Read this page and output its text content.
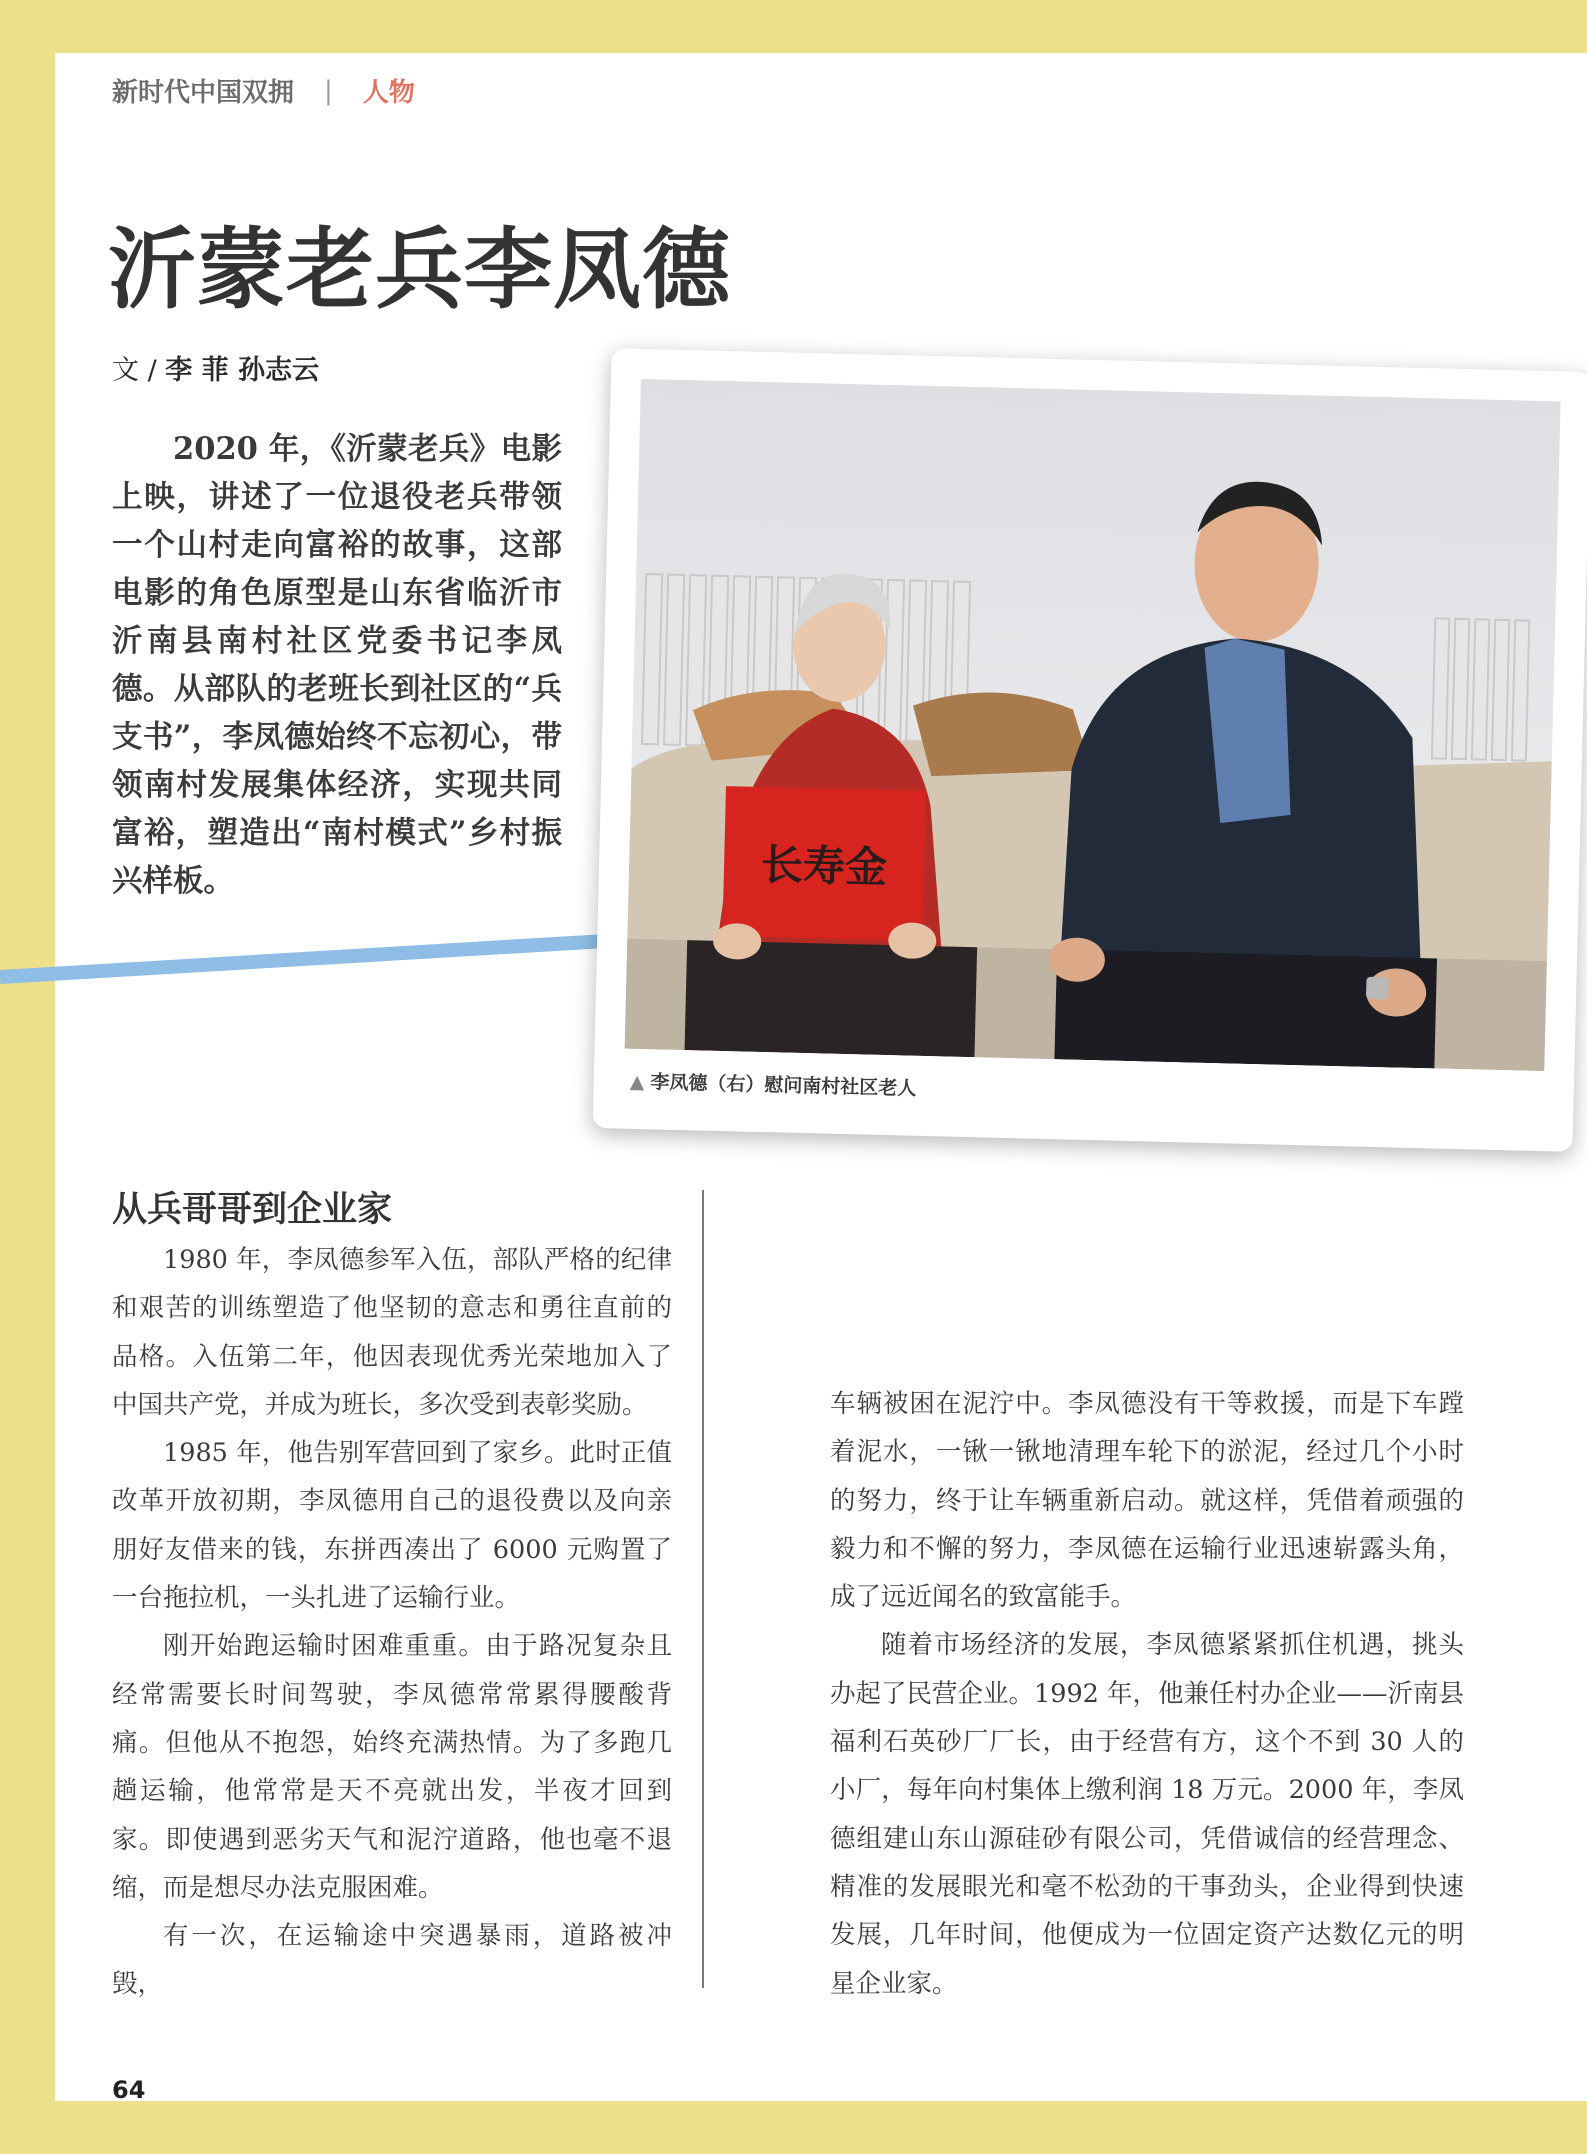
新时代中国双拥 | 人物
沂蒙老兵李凤德
文 / 李 菲 孙志云

2020 年，《沂蒙老兵》电影上映，讲述了一位退役老兵带领一个山村走向富裕的故事，这部电影的角色原型是山东省临沂市沂南县南村社区党委书记李凤德。从部队的老班长到社区的“兵支书”，李凤德始终不忘初心，带领南村发展集体经济，实现共同富裕，塑造出“南村模式”乡村振兴样板。	长寿金
▲ 李凤德（右）慰问南村社区老人
从兵哥哥到企业家

1980 年，李凤德参军入伍，部队严格的纪律和艰苦的训练塑造了他坚韧的意志和勇往直前的品格。入伍第二年，他因表现优秀光荣地加入了中国共产党，并成为班长，多次受到表彰奖励。

1985 年，他告别军营回到了家乡。此时正值改革开放初期，李凤德用自己的退役费以及向亲朋好友借来的钱，东拼西凑出了 6000 元购置了一台拖拉机，一头扎进了运输行业。

刚开始跑运输时困难重重。由于路况复杂且经常需要长时间驾驶，李凤德常常累得腰酸背痛。但他从不抱怨，始终充满热情。为了多跑几趟运输，他常常是天不亮就出发，半夜才回到家。即使遇到恶劣天气和泥泞道路，他也毫不退缩，而是想尽办法克服困难。

有一次，在运输途中突遇暴雨，道路被冲毁，

车辆被困在泥泞中。李凤德没有干等救援，而是下车蹚着泥水，一锹一锹地清理车轮下的淤泥，经过几个小时的努力，终于让车辆重新启动。就这样，凭借着顽强的毅力和不懈的努力，李凤德在运输行业迅速崭露头角，成了远近闻名的致富能手。

随着市场经济的发展，李凤德紧紧抓住机遇，挑头办起了民营企业。1992 年，他兼任村办企业——沂南县福利石英砂厂厂长，由于经营有方，这个不到 30 人的小厂，每年向村集体上缴利润 18 万元。2000 年，李凤德组建山东山源硅砂有限公司，凭借诚信的经营理念、精准的发展眼光和毫不松劲的干事劲头，企业得到快速发展，几年时间，他便成为一位固定资产达数亿元的明星企业家。

64
